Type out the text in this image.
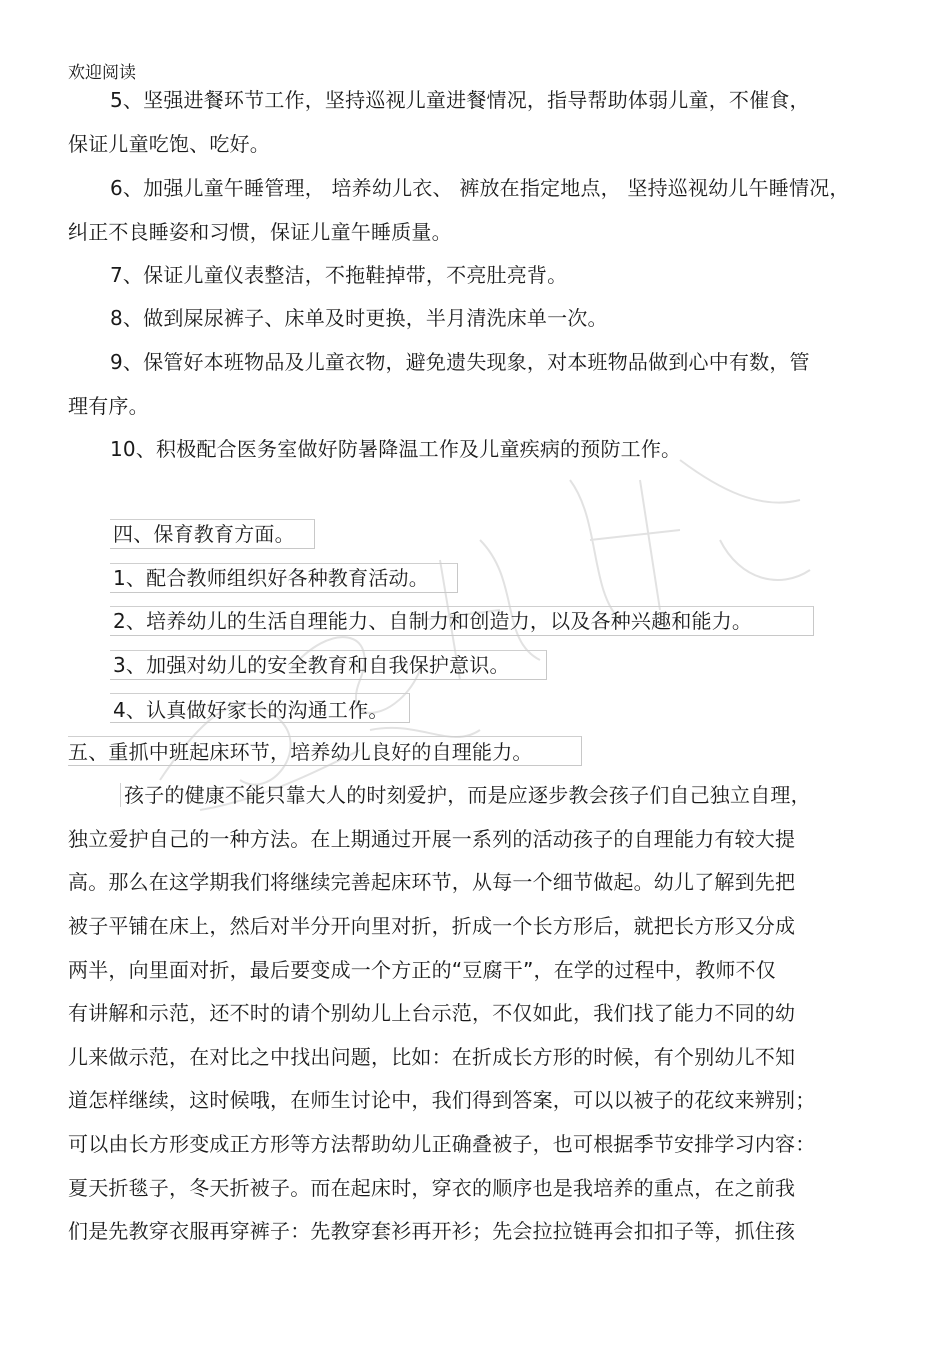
欢迎阅读
5、坚强进餐环节工作，坚持巡视儿童进餐情况，指导帮助体弱儿童，不催食，
保证儿童吃饱、吃好。
6、加强儿童午睡管理， 培养幼儿衣、 裤放在指定地点， 坚持巡视幼儿午睡情况，
纠正不良睡姿和习惯，保证儿童午睡质量。
7、保证儿童仪表整洁，不拖鞋掉带，不亮肚亮背。
8、做到屎尿裤子、床单及时更换，半月清洗床单一次。
9、保管好本班物品及儿童衣物，避免遗失现象，对本班物品做到心中有数，管
理有序。
10、积极配合医务室做好防暑降温工作及儿童疾病的预防工作。
四、保育教育方面。
1、配合教师组织好各种教育活动。
2、培养幼儿的生活自理能力、自制力和创造力，以及各种兴趣和能力。
3、加强对幼儿的安全教育和自我保护意识。
4、认真做好家长的沟通工作。
五、重抓中班起床环节，培养幼儿良好的自理能力。
孩子的健康不能只靠大人的时刻爱护，而是应逐步教会孩子们自己独立自理，
独立爱护自己的一种方法。在上期通过开展一系列的活动孩子的自理能力有较大提
高。那么在这学期我们将继续完善起床环节，从每一个细节做起。幼儿了解到先把
被子平铺在床上，然后对半分开向里对折，折成一个长方形后，就把长方形又分成
两半，向里面对折，最后要变成一个方正的“豆腐干”，在学的过程中，教师不仅
有讲解和示范，还不时的请个别幼儿上台示范，不仅如此，我们找了能力不同的幼
儿来做示范，在对比之中找出问题，比如：在折成长方形的时候，有个别幼儿不知
道怎样继续，这时候哦，在师生讨论中，我们得到答案，可以以被子的花纹来辨别；
可以由长方形变成正方形等方法帮助幼儿正确叠被子，也可根据季节安排学习内容：
夏天折毯子，冬天折被子。而在起床时，穿衣的顺序也是我培养的重点，在之前我
们是先教穿衣服再穿裤子：先教穿套衫再开衫；先会拉拉链再会扣扣子等，抓住孩
